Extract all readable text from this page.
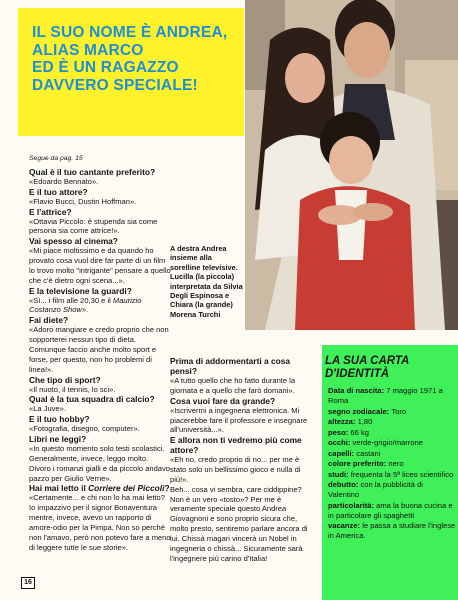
IL SUO NOME È ANDREA,
ALIAS MARCO
ED È UN RAGAZZO
DAVVERO SPECIALE!
A destra Andrea insieme alla sorelline televisive. Lucilla (la piccola) interpretata da Silvia Degli Espinosa e Chiara (la grande) Morena Turchi
Segue da pag. 15
Qual è il tuo cantante preferito?
«Edoardo Bennato».
E il tuo attore?
«Flavio Bucci, Dustin Hoffman».
E l'attrice?
«Ottavia Piccolo: è stupenda sia come persona sia come attrice!».
Vai spesso al cinema?
«Mi piace moltissimo e da quando ho provato cosa vuol dire far parte di un film lo trovo molto "intrigante" pensare a quello che c'è dietro ogni scena...».
E la televisione la guardi?
«Sì... i film alle 20,30 e il Maurizio Costanzo Show».
Fai diete?
«Adoro mangiare e credo proprio che non sopporterei nessun tipo di dieta. Comunque faccio anche molto sport e forse, per questo, non ho problemi di linea!».
Che tipo di sport?
«Il nuoto, il tennis, lo sci».
Qual è la tua squadra di calcio?
«La Juve».
E il tuo hobby?
«Fotografia, disegno, computer».
Libri ne leggi?
«In questo momento solo testi scolastici. Generalmente, invece, leggo molto. Divoro i romanzi gialli e da piccolo andavo pazzo per Giulio Verne».
Hai mai letto il Corriere dei Piccoli?
«Certamente... e chi non lo ha mai letto? Io impazzivo per il signor Bonaventura mentre, invece, avevo un rapporto di amore-odio per la Pimpa. Non so perché non l'amavo, però non potevo fare a meno di leggere tutte le sue storie».
Prima di addormentarti a cosa pensi?
«A tutto quello che ho fatto durante la giornata e a quello che farò domani».
Cosa vuoi fare da grande?
«Iscrivermi a ingegneria elettronica. Mi piacerebbe fare il professore e insegnare all'università...».
E allora non ti vedremo più come attore?
«Eh no, credo proprio di no... per me è stato solo un bellissimo gioco e nulla di più!».
Beh... cosa vi sembra, care ciddippine? Non è un vero «tosto»? Per me è veramente speciale questo Andrea Giovagnoni e sono proprio sicura che, molto presto, sentiremo parlare ancora di lui. Chissà magari vincerà un Nobel in ingegneria o chissà... Sicuramente sarà l'ingegnere più carino d'Italia!
LA SUA CARTA
D'IDENTITÀ

Data di nascita: 7 maggio 1971 a Roma

segno zodiacale: Toro

altezza: 1,80

peso: 66 kg

occhi: verde-grigio/marrone

capelli: castani

colore preferito: nero

studi: frequenta la 5ª liceo scientifico

debutto: con la pubblicità di Valentino

particolarità: ama la buona cucina e in particolare gli spaghetti

vacanze: le passa a studiare l'inglese in America.

16
